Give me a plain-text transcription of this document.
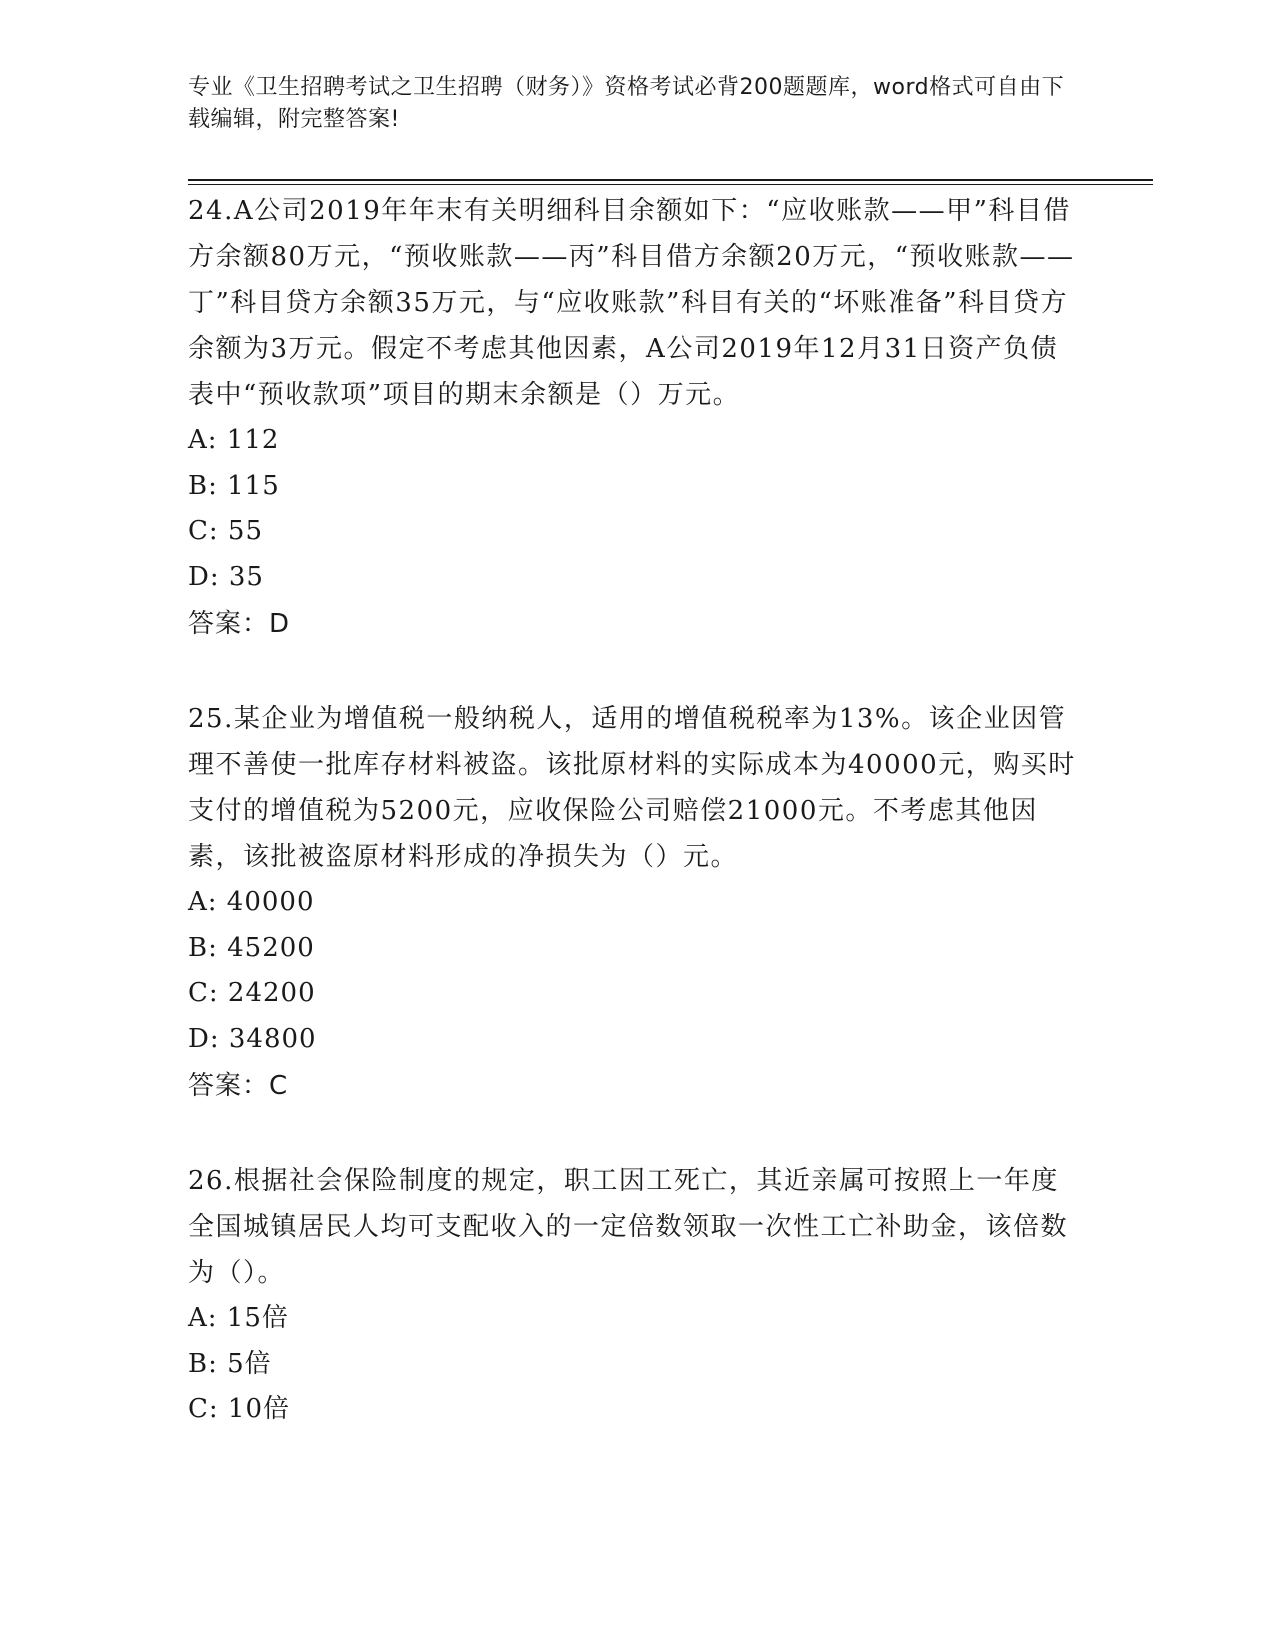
专业《卫生招聘考试之卫生招聘（财务）》资格考试必背200题题库，word格式可自由下载编辑，附完整答案!

24.A公司2019年年末有关明细科目余额如下：“应收账款——甲”科目借方余额80万元，“预收账款——丙”科目借方余额20万元，“预收账款——丁”科目贷方余额35万元，与“应收账款”科目有关的“坏账准备”科目贷方余额为3万元。假定不考虑其他因素，A公司2019年12月31日资产负债表中“预收款项”项目的期末余额是（）万元。

A: 112

B: 115

C: 55

D: 35

答案：D

25.某企业为增值税一般纳税人，适用的增值税税率为13%。该企业因管理不善使一批库存材料被盗。该批原材料的实际成本为40000元，购买时支付的增值税为5200元，应收保险公司赔偿21000元。不考虑其他因素，该批被盗原材料形成的净损失为（）元。

A: 40000

B: 45200

C: 24200

D: 34800

答案：C

26.根据社会保险制度的规定，职工因工死亡，其近亲属可按照上一年度全国城镇居民人均可支配收入的一定倍数领取一次性工亡补助金，该倍数为（）。

A: 15倍

B: 5倍

C: 10倍
